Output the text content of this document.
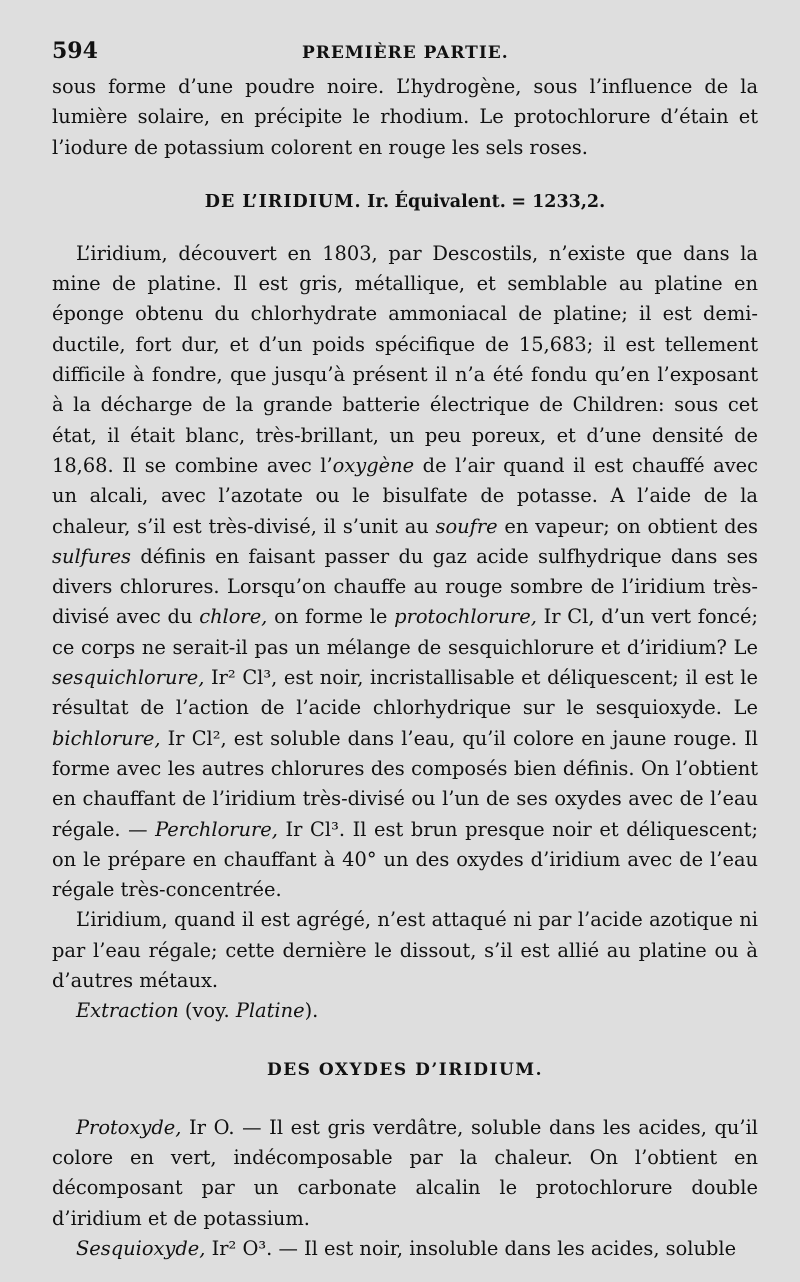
594	PREMIÈRE PARTIE.

sous forme d’une poudre noire. L’hydrogène, sous l’influence de la lumière solaire, en précipite le rhodium. Le protochlorure d’étain et l’iodure de potassium colorent en rouge les sels roses.

DE L’IRIDIUM. Ir. Équivalent. = 1233,2.

L’iridium, découvert en 1803, par Descostils, n’existe que dans la mine de platine. Il est gris, métallique, et semblable au platine en éponge obtenu du chlorhydrate ammoniacal de platine; il est demi-ductile, fort dur, et d’un poids spécifique de 15,683; il est tellement difficile à fondre, que jusqu’à présent il n’a été fondu qu’en l’exposant à la décharge de la grande batterie électrique de Children: sous cet état, il était blanc, très-brillant, un peu poreux, et d’une densité de 18,68. Il se combine avec l’oxygène de l’air quand il est chauffé avec un alcali, avec l’azotate ou le bisulfate de potasse. A l’aide de la chaleur, s’il est très-divisé, il s’unit au soufre en vapeur; on obtient des sulfures définis en faisant passer du gaz acide sulfhydrique dans ses divers chlorures. Lorsqu’on chauffe au rouge sombre de l’iridium très-divisé avec du chlore, on forme le protochlorure, Ir Cl, d’un vert foncé; ce corps ne serait-il pas un mélange de sesquichlorure et d’iridium? Le sesquichlorure, Ir² Cl³, est noir, incristallisable et déliquescent; il est le résultat de l’action de l’acide chlorhydrique sur le sesquioxyde. Le bichlorure, Ir Cl², est soluble dans l’eau, qu’il colore en jaune rouge. Il forme avec les autres chlorures des composés bien définis. On l’obtient en chauffant de l’iridium très-divisé ou l’un de ses oxydes avec de l’eau régale. — Perchlorure, Ir Cl³. Il est brun presque noir et déliquescent; on le prépare en chauffant à 40° un des oxydes d’iridium avec de l’eau régale très-concentrée.

L’iridium, quand il est agrégé, n’est attaqué ni par l’acide azotique ni par l’eau régale; cette dernière le dissout, s’il est allié au platine ou à d’autres métaux.

Extraction (voy. Platine).

DES OXYDES D’IRIDIUM.

Protoxyde, Ir O. — Il est gris verdâtre, soluble dans les acides, qu’il colore en vert, indécomposable par la chaleur. On l’obtient en décomposant par un carbonate alcalin le protochlorure double d’iridium et de potassium.

Sesquioxyde, Ir² O³. — Il est noir, insoluble dans les acides, soluble
